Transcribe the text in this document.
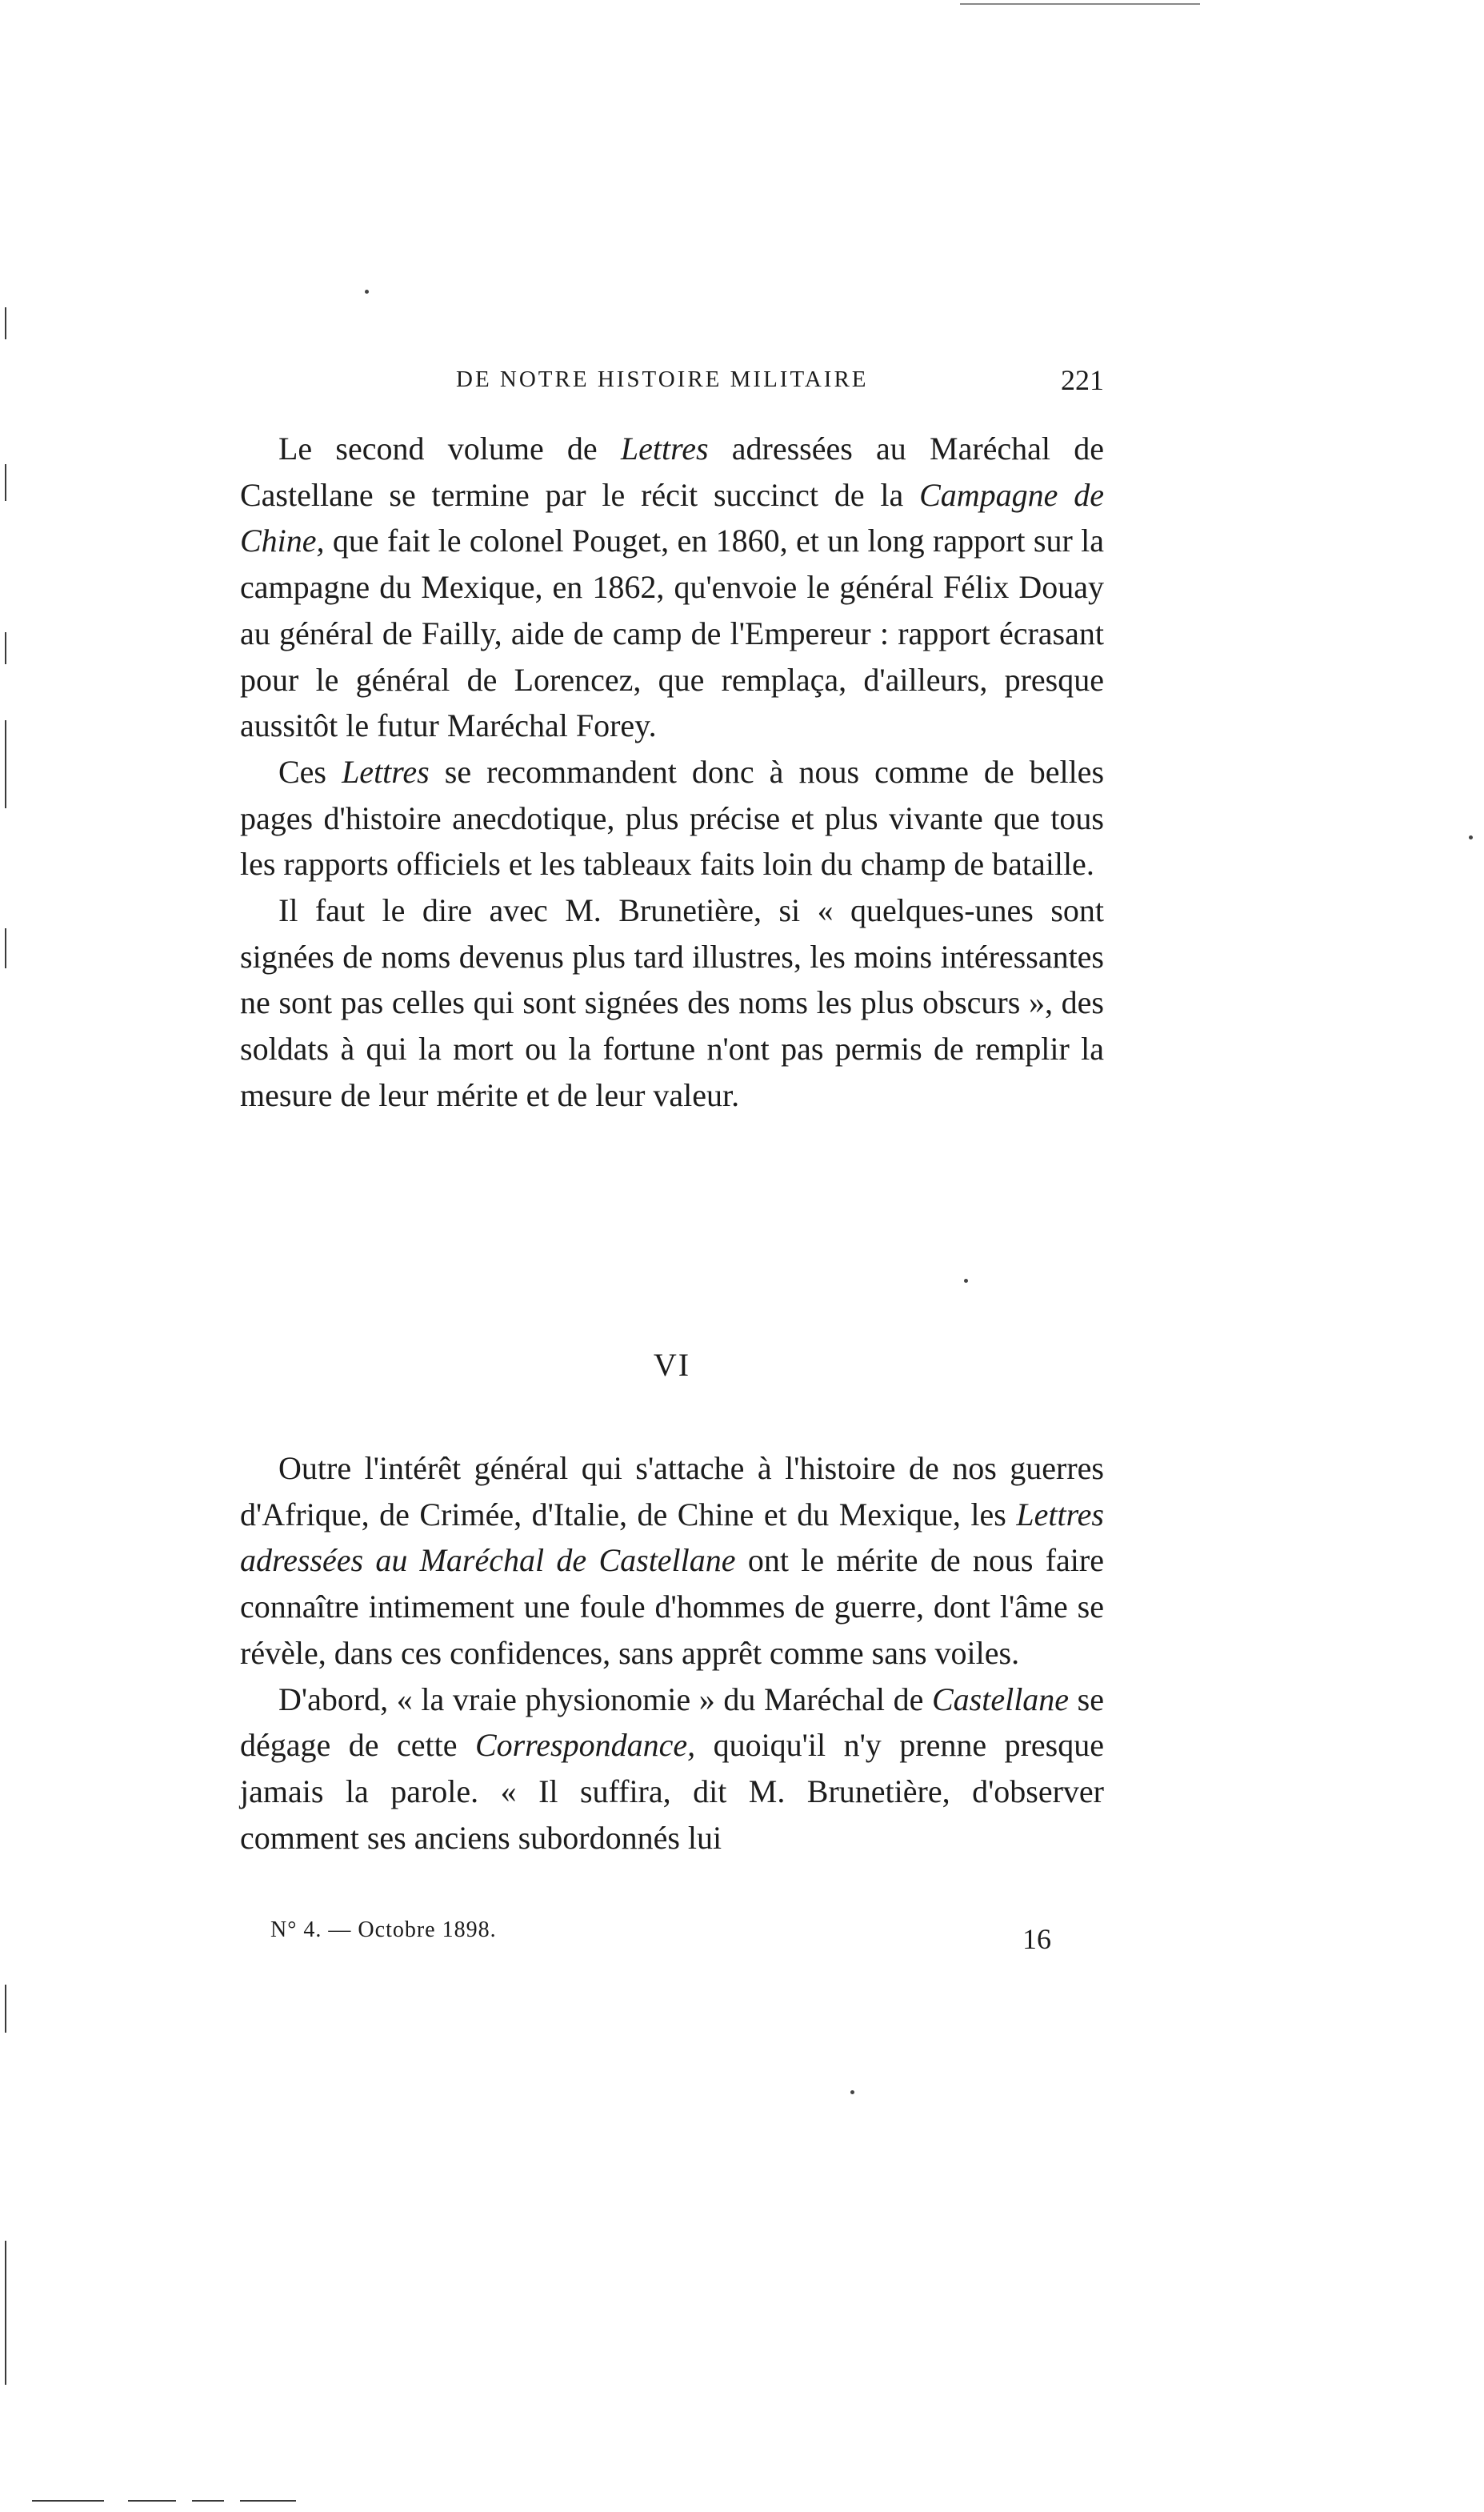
DE NOTRE HISTOIRE MILITAIRE	221

Le second volume de Lettres adressées au Maréchal de Castellane se termine par le récit succinct de la Campagne de Chine, que fait le colonel Pouget, en 1860, et un long rapport sur la campagne du Mexique, en 1862, qu'envoie le général Félix Douay au général de Failly, aide de camp de l'Empereur : rapport écrasant pour le général de Lorencez, que remplaça, d'ailleurs, presque aussitôt le futur Maréchal Forey.

Ces Lettres se recommandent donc à nous comme de belles pages d'histoire anecdotique, plus précise et plus vivante que tous les rapports officiels et les tableaux faits loin du champ de bataille.

Il faut le dire avec M. Brunetière, si « quelques-unes sont signées de noms devenus plus tard illustres, les moins intéressantes ne sont pas celles qui sont signées des noms les plus obscurs », des soldats à qui la mort ou la fortune n'ont pas permis de remplir la mesure de leur mérite et de leur valeur.

VI

Outre l'intérêt général qui s'attache à l'histoire de nos guerres d'Afrique, de Crimée, d'Italie, de Chine et du Mexique, les Lettres adressées au Maréchal de Castellane ont le mérite de nous faire connaître intimement une foule d'hommes de guerre, dont l'âme se révèle, dans ces confidences, sans apprêt comme sans voiles.

D'abord, « la vraie physionomie » du Maréchal de Castellane se dégage de cette Correspondance, quoiqu'il n'y prenne presque jamais la parole. « Il suffira, dit M. Brunetière, d'observer comment ses anciens subordonnés lui

N° 4. — Octobre 1898.	16
